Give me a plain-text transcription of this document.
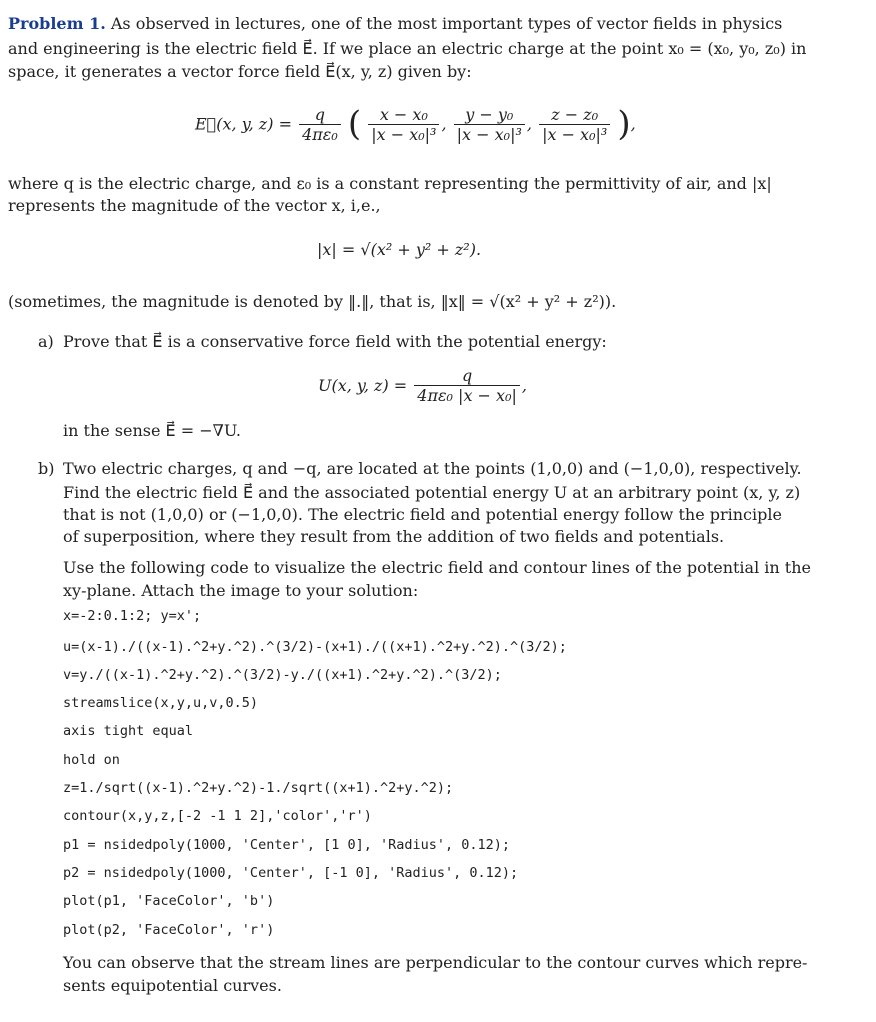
Problem 1. As observed in lectures, one of the most important types of vector fields in physics
and engineering is the electric field E⃗. If we place an electric charge at the point x₀ = (x₀, y₀, z₀) in
space, it generates a vector force field E⃗(x, y, z) given by:
E⃗(x, y, $z) = \frac{q}{\text{4πε₀}}$ ( $\frac{\text{x − x₀}}{\text{|x − x₀|³}}$ , $\frac{\text{y − y₀}}{\text{|x − x₀|³}}$ , $\frac{\text{z − z₀}}{\text{|x − x₀|³}}$ ),
where q is the electric charge, and ε₀ is a constant representing the permittivity of air, and |x|
represents the magnitude of the vector x, i,e.,
|x| = √(x² + y² + z²).
(sometimes, the magnitude is denoted by ‖.‖, that is, ‖x‖ = √(x² + y² + z²)).
a) Prove that E⃗ is a conservative force field with the potential energy:
U(x, y, $z) = \frac{q}{\text{4πε₀ |x − x₀|}}$ ,
in the sense E⃗ = −∇U.
b) Two electric charges, q and −q, are located at the points (1,0,0) and (−1,0,0), respectively.
Find the electric field E⃗ and the associated potential energy U at an arbitrary point (x, y, z)
that is not (1,0,0) or (−1,0,0). The electric field and potential energy follow the principle
of superposition, where they result from the addition of two fields and potentials.
Use the following code to visualize the electric field and contour lines of the potential in the
xy-plane. Attach the image to your solution:
x=-2:0.1:2; y=x';
u=(x-1)./((x-1).^2+y.^2).^(3/2)-(x+1)./((x+1).^2+y.^2).^(3/2);
v=y./((x-1).^2+y.^2).^(3/2)-y./((x+1).^2+y.^2).^(3/2);
streamslice(x,y,u,v,0.5)
axis tight equal
hold on
z=1./sqrt((x-1).^2+y.^2)-1./sqrt((x+1).^2+y.^2);
contour(x,y,z,[-2 -1 1 2],'color','r')
p1 = nsidedpoly(1000, 'Center', [1 0], 'Radius', 0.12);
p2 = nsidedpoly(1000, 'Center', [-1 0], 'Radius', 0.12);
plot(p1, 'FaceColor', 'b')
plot(p2, 'FaceColor', 'r')
You can observe that the stream lines are perpendicular to the contour curves which repre-
sents equipotential curves.
